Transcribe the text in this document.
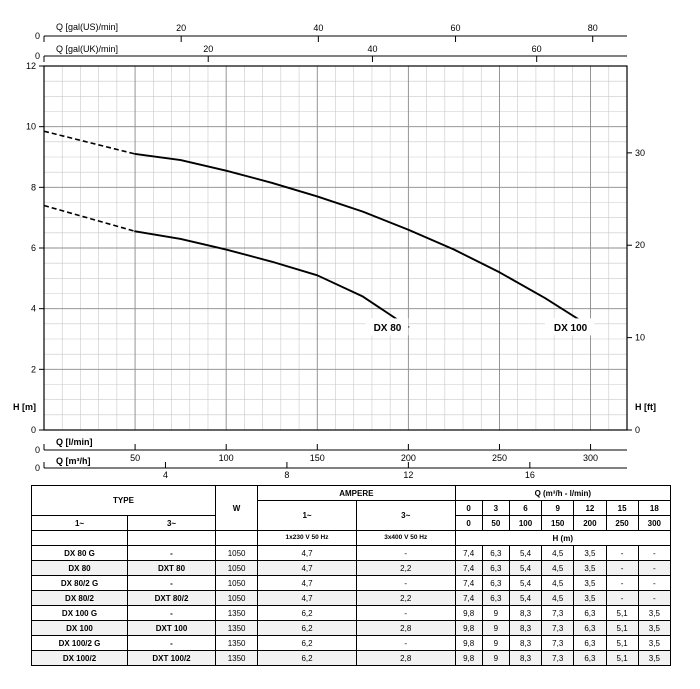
0
Q [gal(US)/min]	20	40	60	80
0
Q [gal(UK)/min]	20	40	60
0
2
4
6
8
10
12
H [m]
0
10
20
30
H [ft]
0
Q [l/min]
50	100	150	200	250	300
0
Q [m³/h]
4	8	12	16
DX 80	DX 100
TYPE		W	AMPERE		Q (m³/h - l/min)						

			1~	3~	0	3	6	9	12	15	18
1~	3~				0	50	100	150	200	250	300
			1x230 V 50 Hz	3x400 V 50 Hz	H (m)						
DX 80 G	-	1050	4,7	-	7,4	6,3	5,4	4,5	3,5	-	-
DX 80	DXT 80	1050	4,7	2,2	7,4	6,3	5,4	4,5	3,5	-	-
DX 80/2 G	-	1050	4,7	-	7,4	6,3	5,4	4,5	3,5	-	-
DX 80/2	DXT 80/2	1050	4,7	2,2	7,4	6,3	5,4	4,5	3,5	-	-
DX 100 G	-	1350	6,2	-	9,8	9	8,3	7,3	6,3	5,1	3,5
DX 100	DXT 100	1350	6,2	2,8	9,8	9	8,3	7,3	6,3	5,1	3,5
DX 100/2 G	-	1350	6,2	-	9,8	9	8,3	7,3	6,3	5,1	3,5
DX 100/2	DXT 100/2	1350	6,2	2,8	9,8	9	8,3	7,3	6,3	5,1	3,5
